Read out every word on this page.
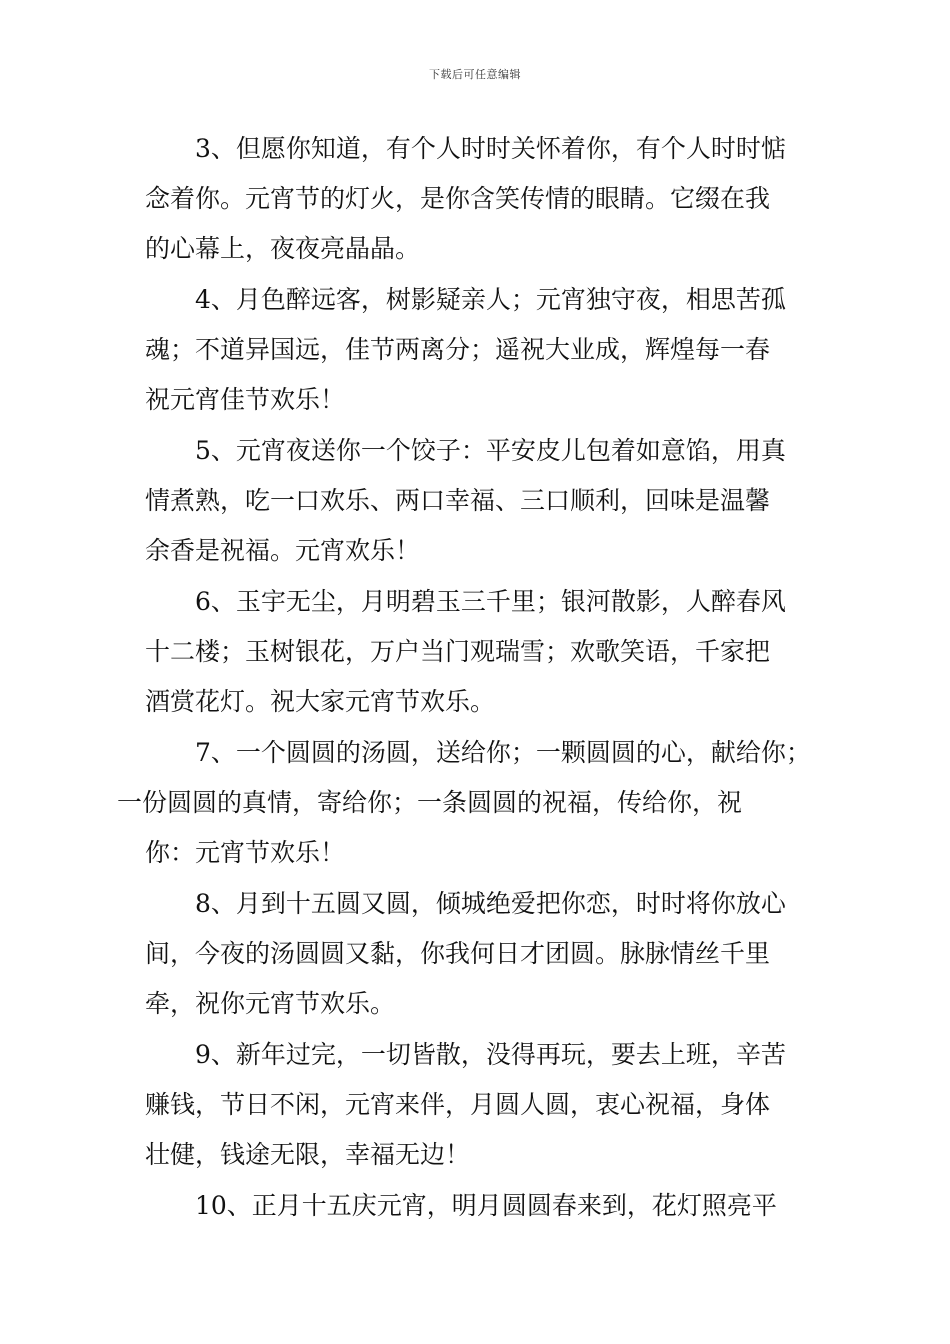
下载后可任意编辑
3、但愿你知道，有个人时时关怀着你，有个人时时惦
念着你。元宵节的灯火，是你含笑传情的眼睛。它缀在我
的心幕上，夜夜亮晶晶。
4、月色醉远客，树影疑亲人；元宵独守夜，相思苦孤
魂；不道异国远，佳节两离分；遥祝大业成，辉煌每一春
祝元宵佳节欢乐！
5、元宵夜送你一个饺子：平安皮儿包着如意馅，用真
情煮熟，吃一口欢乐、两口幸福、三口顺利，回味是温馨
余香是祝福。元宵欢乐！
6、玉宇无尘，月明碧玉三千里；银河散影，人醉春风
十二楼；玉树银花，万户当门观瑞雪；欢歌笑语，千家把
酒赏花灯。祝大家元宵节欢乐。
7、一个圆圆的汤圆，送给你；一颗圆圆的心，献给你；
一份圆圆的真情，寄给你；一条圆圆的祝福，传给你，祝
你：元宵节欢乐！
8、月到十五圆又圆，倾城绝爱把你恋，时时将你放心
间，今夜的汤圆圆又黏，你我何日才团圆。脉脉情丝千里
牵，祝你元宵节欢乐。
9、新年过完，一切皆散，没得再玩，要去上班，辛苦
赚钱，节日不闲，元宵来伴，月圆人圆，衷心祝福，身体
壮健，钱途无限，幸福无边！
10、正月十五庆元宵，明月圆圆春来到，花灯照亮平
